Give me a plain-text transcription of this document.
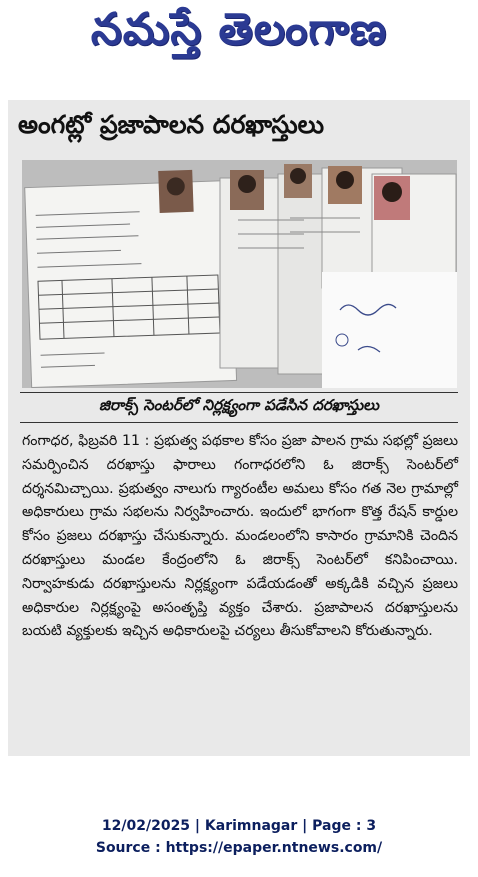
నమస్తే తెలంగాణ
అంగట్లో ప్రజాపాలన దరఖాస్తులు
జిరాక్స్ సెంటర్‌లో నిర్లక్ష్యంగా పడేసిన దరఖాస్తులు
గంగాధర, ఫిబ్రవరి 11 : ప్రభుత్వ పథకాల కోసం ప్రజా పాలన గ్రామ సభల్లో ప్రజలు సమర్పించిన దరఖాస్తు ఫారాలు గంగాధరలోని ఓ జిరాక్స్ సెంటర్‌లో దర్శనమిచ్చాయి. ప్రభుత్వం నాలుగు గ్యారంటీల అమలు కోసం గత నెల గ్రామాల్లో అధికారులు గ్రామ సభలను నిర్వహించారు. ఇందులో భాగంగా కొత్త రేషన్ కార్డుల కోసం ప్రజలు దరఖాస్తు చేసుకున్నారు. మండలంలోని కాసారం గ్రామానికి చెందిన దరఖాస్తులు మండల కేంద్రంలోని ఓ జిరాక్స్ సెంటర్‌లో కనిపించాయి. నిర్వాహకుడు దరఖాస్తులను నిర్లక్ష్యంగా పడేయడంతో అక్కడికి వచ్చిన ప్రజలు అధికారుల నిర్లక్ష్యంపై అసంతృప్తి వ్యక్తం చేశారు. ప్రజాపాలన దరఖాస్తులను బయటి వ్యక్తులకు ఇచ్చిన అధికారులపై చర్యలు తీసుకోవాలని కోరుతున్నారు.
12/02/2025 | Karimnagar | Page : 3
Source : https://epaper.ntnews.com/
